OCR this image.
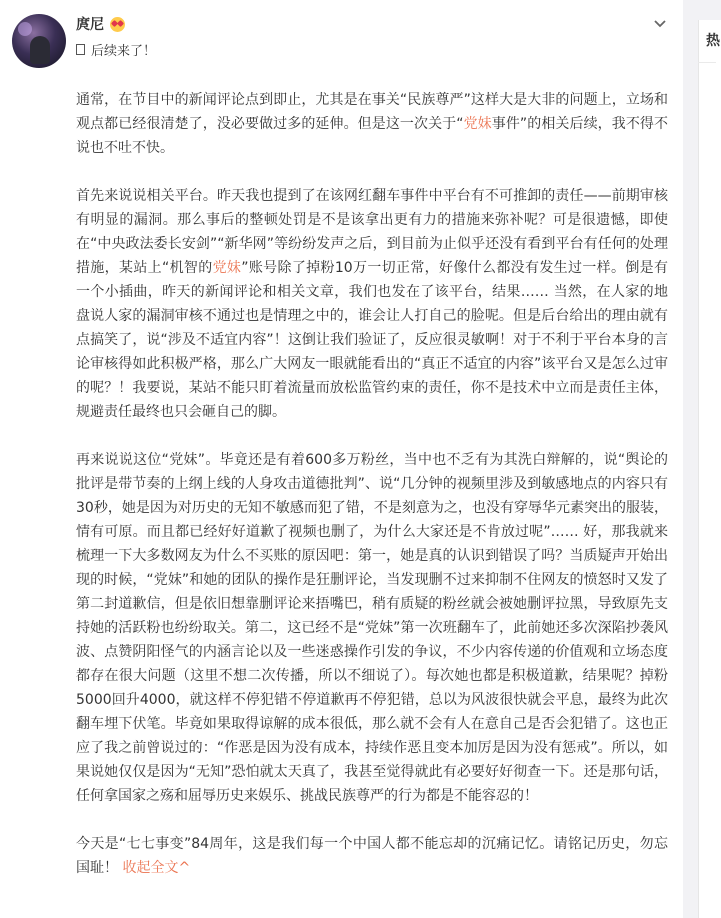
庹尼
后续来了！

通常，在节目中的新闻评论点到即止，尤其是在事关“民族尊严”这样大是大非的问题上，立场和观点都已经很清楚了，没必要做过多的延伸。但是这一次关于“党妹事件”的相关后续，我不得不说也不吐不快。

首先来说说相关平台。昨天我也提到了在该网红翻车事件中平台有不可推卸的责任——前期审核有明显的漏洞。那么事后的整顿处罚是不是该拿出更有力的措施来弥补呢？可是很遗憾，即使在“中央政法委长安剑”“新华网”等纷纷发声之后，到目前为止似乎还没有看到平台有任何的处理措施，某站上“机智的党妹”账号除了掉粉10万一切正常，好像什么都没有发生过一样。倒是有一个小插曲，昨天的新闻评论和相关文章，我们也发在了该平台，结果…… 当然，在人家的地盘说人家的漏洞审核不通过也是情理之中的，谁会让人打自己的脸呢。但是后台给出的理由就有点搞笑了，说“涉及不适宜内容”！这倒让我们验证了，反应很灵敏啊！对于不利于平台本身的言论审核得如此积极严格，那么广大网友一眼就能看出的“真正不适宜的内容”该平台又是怎么过审的呢？！我要说，某站不能只盯着流量而放松监管约束的责任，你不是技术中立而是责任主体，规避责任最终也只会砸自己的脚。

再来说说这位“党妹”。毕竟还是有着600多万粉丝，当中也不乏有为其洗白辩解的，说“舆论的批评是带节奏的上纲上线的人身攻击道德批判”、说“几分钟的视频里涉及到敏感地点的内容只有30秒，她是因为对历史的无知不敏感而犯了错，不是刻意为之，也没有穿辱华元素突出的服装，情有可原。而且都已经好好道歉了视频也删了，为什么大家还是不肯放过呢”…… 好，那我就来梳理一下大多数网友为什么不买账的原因吧：第一，她是真的认识到错误了吗？当质疑声开始出现的时候，“党妹”和她的团队的操作是狂删评论，当发现删不过来抑制不住网友的愤怒时又发了第二封道歉信，但是依旧想靠删评论来捂嘴巴，稍有质疑的粉丝就会被她删评拉黑，导致原先支持她的活跃粉也纷纷取关。第二，这已经不是“党妹”第一次班翻车了，此前她还多次深陷抄袭风波、点赞阴阳怪气的内涵言论以及一些迷惑操作引发的争议，不少内容传递的价值观和立场态度都存在很大问题（这里不想二次传播，所以不细说了）。每次她也都是积极道歉，结果呢？掉粉5000回升4000，就这样不停犯错不停道歉再不停犯错，总以为风波很快就会平息，最终为此次翻车埋下伏笔。毕竟如果取得谅解的成本很低，那么就不会有人在意自己是否会犯错了。这也正应了我之前曾说过的：“作恶是因为没有成本，持续作恶且变本加厉是因为没有惩戒”。所以，如果说她仅仅是因为“无知”恐怕就太天真了，我甚至觉得就此有必要好好彻查一下。还是那句话，任何拿国家之殇和屈辱历史来娱乐、挑战民族尊严的行为都是不能容忍的！

今天是“七七事变”84周年，这是我们每一个中国人都不能忘却的沉痛记忆。请铭记历史，勿忘国耻！ 收起全文^

热
